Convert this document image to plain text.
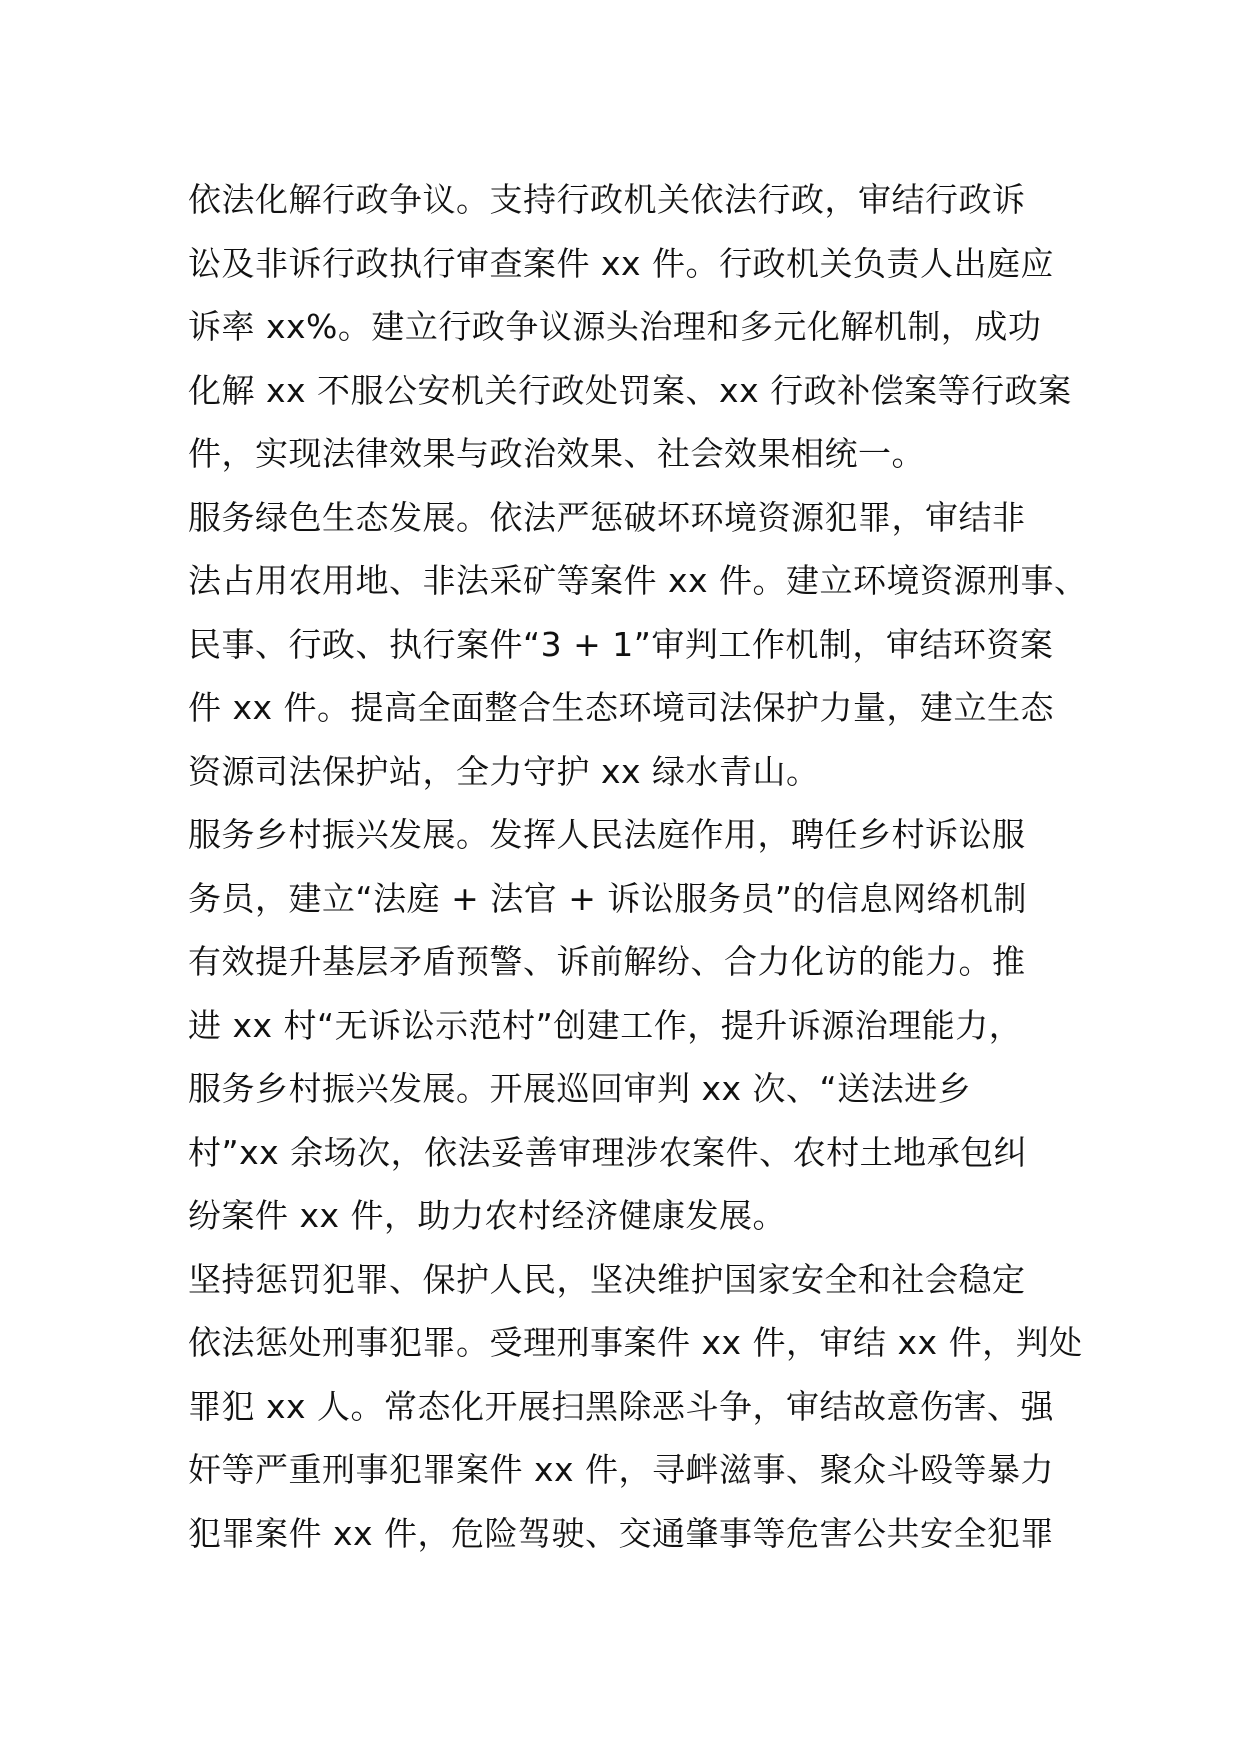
依法化解行政争议。支持行政机关依法行政，审结行政诉
讼及非诉行政执行审查案件 xx 件。行政机关负责人出庭应
诉率 xx%。建立行政争议源头治理和多元化解机制，成功
化解 xx 不服公安机关行政处罚案、xx 行政补偿案等行政案
件，实现法律效果与政治效果、社会效果相统一。
服务绿色生态发展。依法严惩破坏环境资源犯罪，审结非
法占用农用地、非法采矿等案件 xx 件。建立环境资源刑事、
民事、行政、执行案件“3 + 1”审判工作机制，审结环资案
件 xx 件。提高全面整合生态环境司法保护力量，建立生态
资源司法保护站，全力守护 xx 绿水青山。
服务乡村振兴发展。发挥人民法庭作用，聘任乡村诉讼服
务员，建立“法庭 + 法官 + 诉讼服务员”的信息网络机制
有效提升基层矛盾预警、诉前解纷、合力化访的能力。推
进 xx 村“无诉讼示范村”创建工作，提升诉源治理能力，
服务乡村振兴发展。开展巡回审判 xx 次、“送法进乡
村”xx 余场次，依法妥善审理涉农案件、农村土地承包纠
纷案件 xx 件，助力农村经济健康发展。
坚持惩罚犯罪、保护人民，坚决维护国家安全和社会稳定
依法惩处刑事犯罪。受理刑事案件 xx 件，审结 xx 件，判处
罪犯 xx 人。常态化开展扫黑除恶斗争，审结故意伤害、强
奸等严重刑事犯罪案件 xx 件，寻衅滋事、聚众斗殴等暴力
犯罪案件 xx 件，危险驾驶、交通肇事等危害公共安全犯罪
